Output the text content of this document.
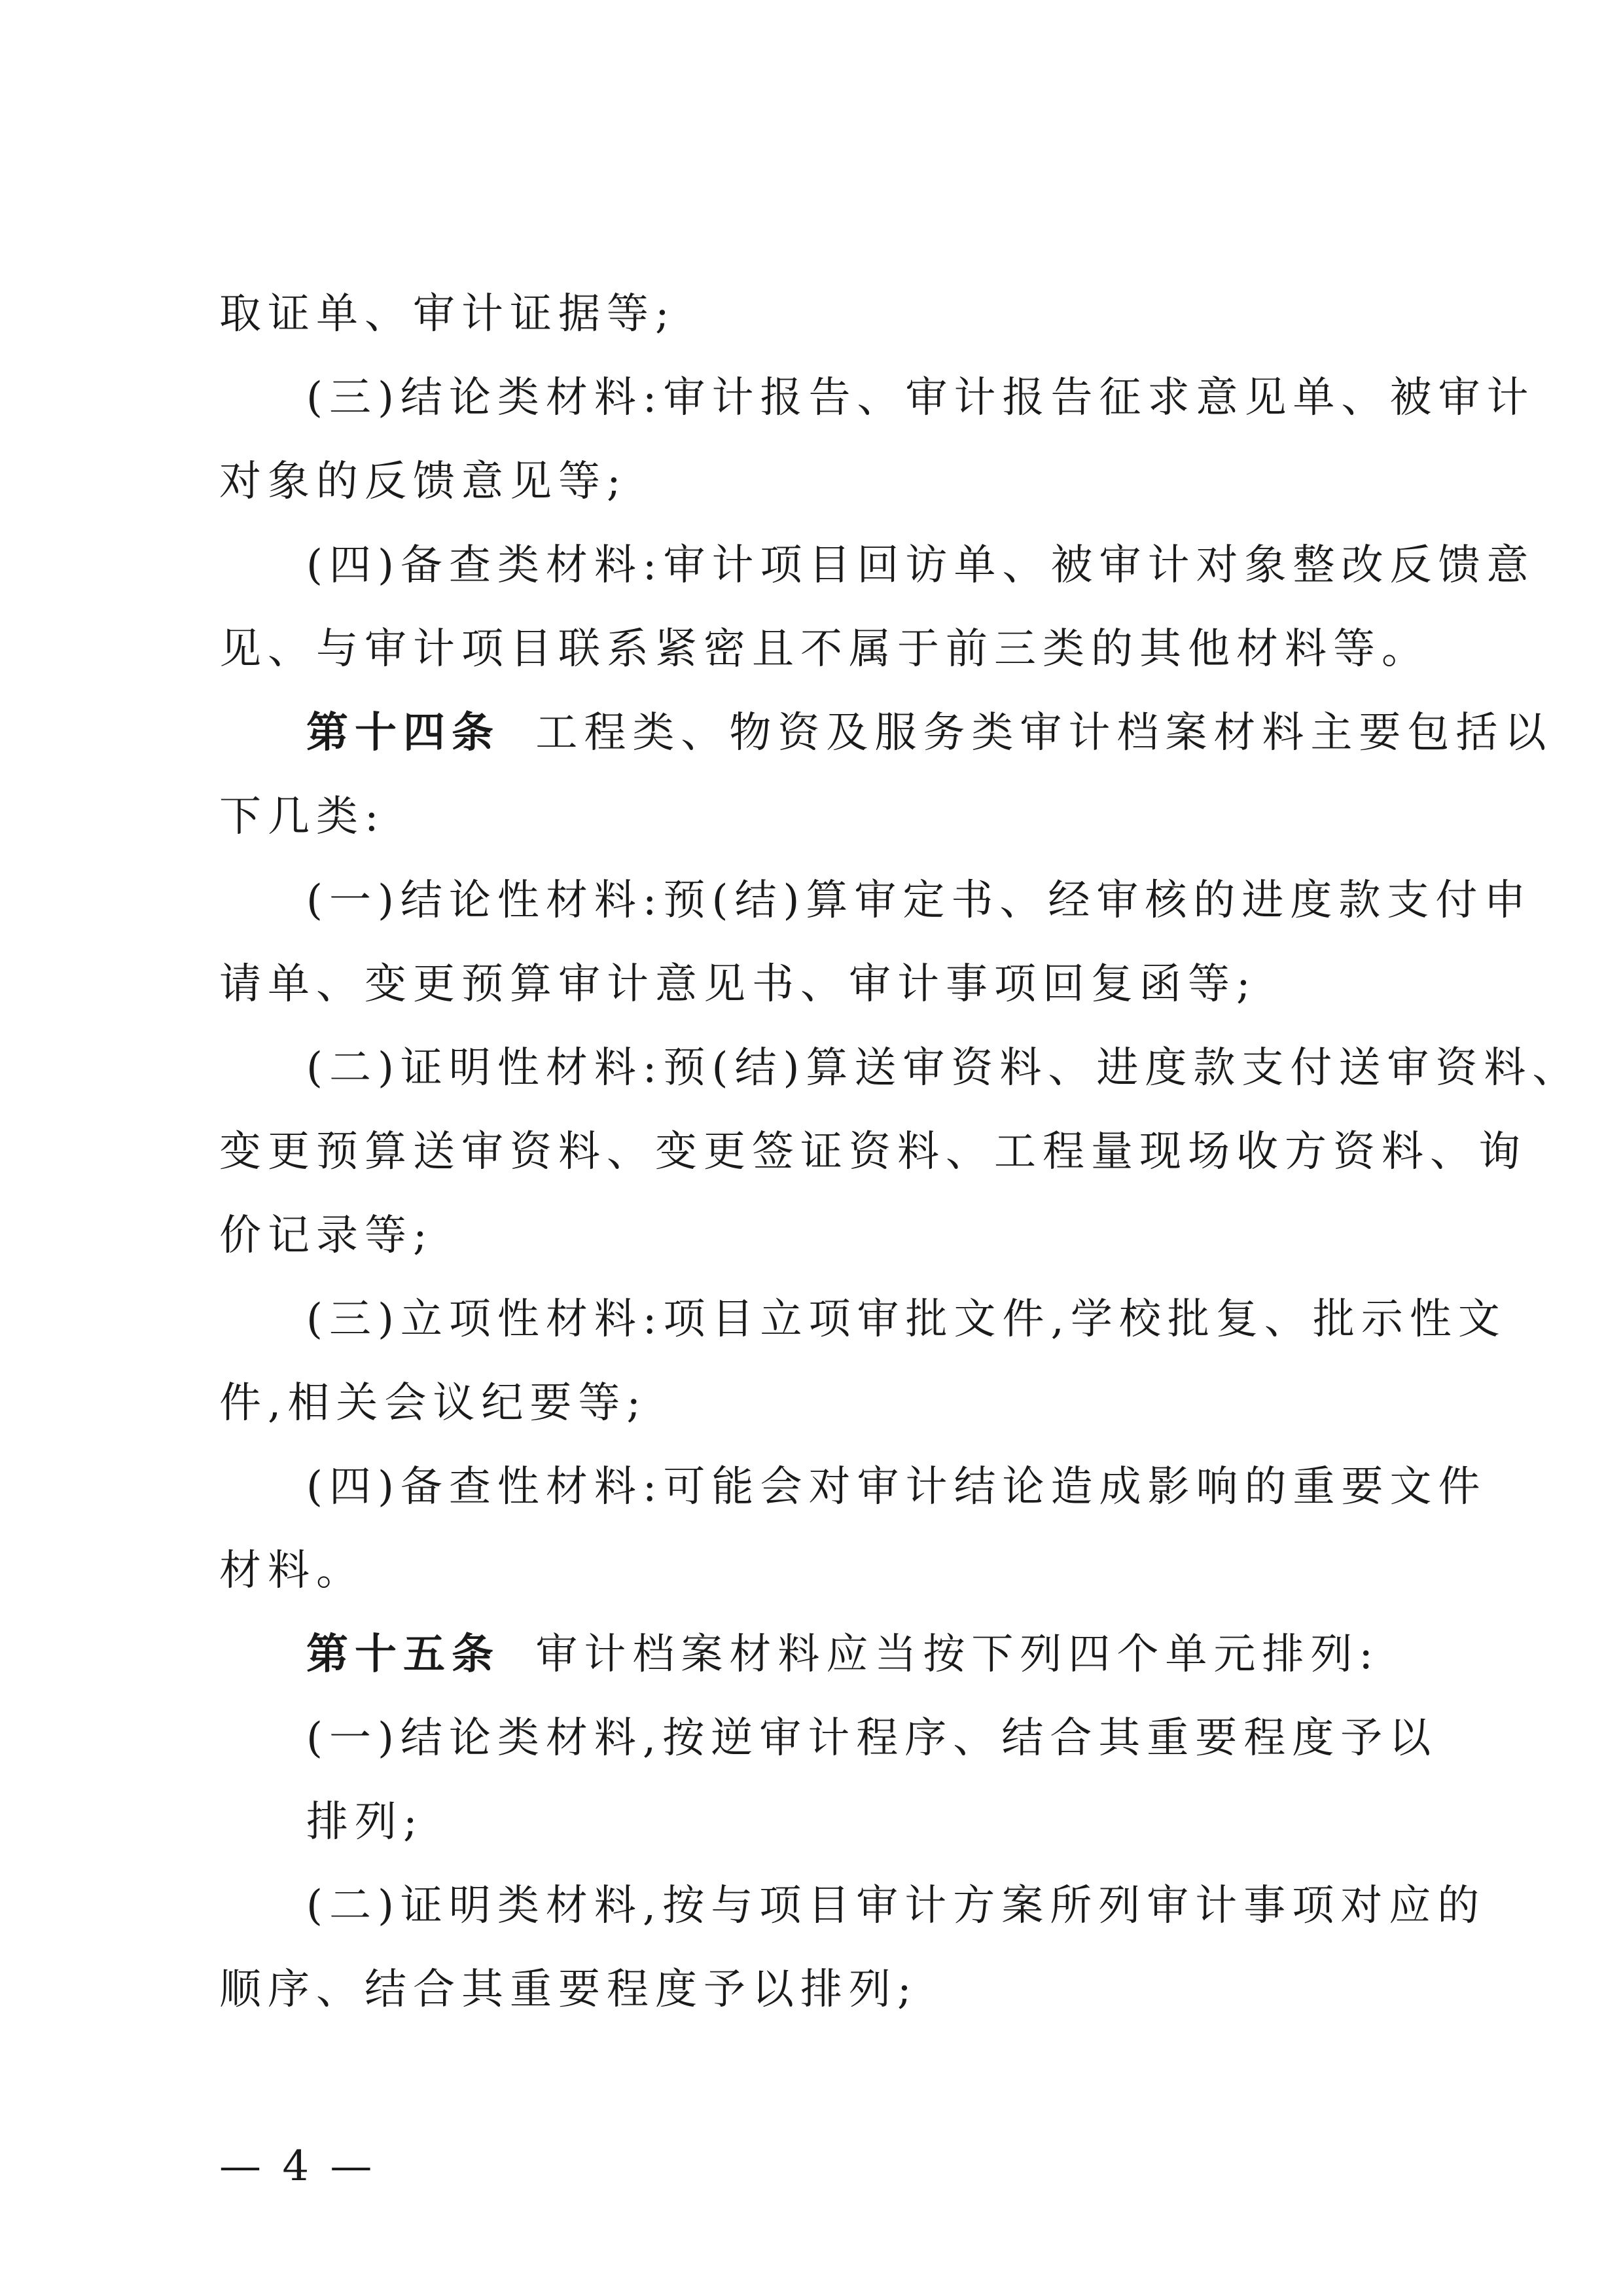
取证单、审计证据等;
(三)结论类材料:审计报告、审计报告征求意见单、被审计
对象的反馈意见等;
(四)备查类材料:审计项目回访单、被审计对象整改反馈意
见、与审计项目联系紧密且不属于前三类的其他材料等。
第十四条 工程类、物资及服务类审计档案材料主要包括以
下几类:
(一)结论性材料:预(结)算审定书、经审核的进度款支付申
请单、变更预算审计意见书、审计事项回复函等;
(二)证明性材料:预(结)算送审资料、进度款支付送审资料、
变更预算送审资料、变更签证资料、工程量现场收方资料、询
价记录等;
(三)立项性材料:项目立项审批文件,学校批复、批示性文
件,相关会议纪要等;
(四)备查性材料:可能会对审计结论造成影响的重要文件
材料。
第十五条 审计档案材料应当按下列四个单元排列:
(一)结论类材料,按逆审计程序、结合其重要程度予以
排列;
(二)证明类材料,按与项目审计方案所列审计事项对应的
— 4 —
顺序、结合其重要程度予以排列;
